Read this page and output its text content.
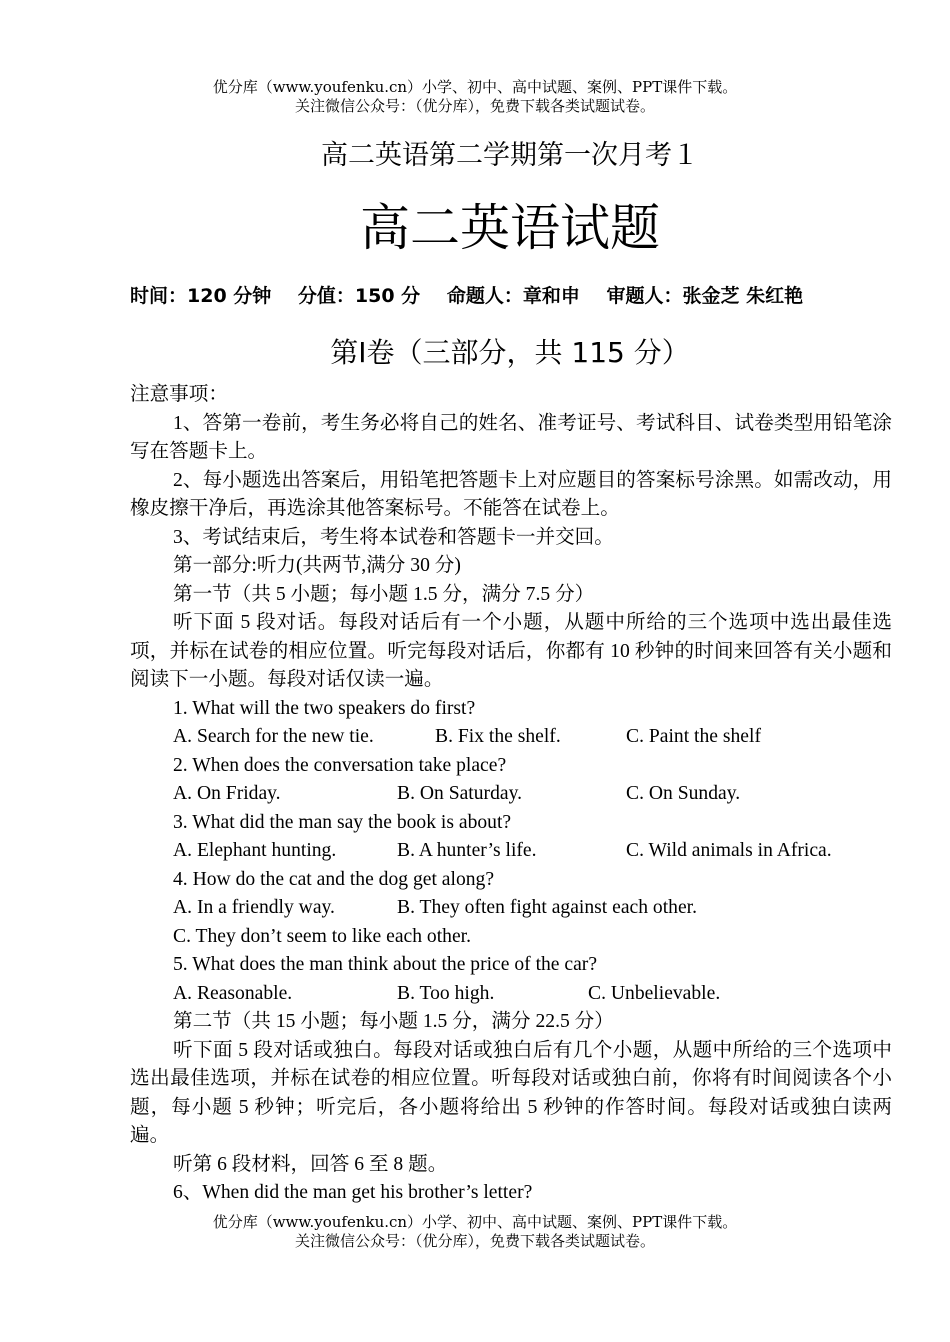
优分库（www.youfenku.cn）小学、初中、高中试题、案例、PPT课件下载。
关注微信公众号：（优分库），免费下载各类试题试卷。
高二英语第二学期第一次月考１
高二英语试题
时间：120 分钟 分值：150 分 命题人：章和申 审题人：张金芝 朱红艳
第Ⅰ卷（三部分，共 115 分）

注意事项：

1、答第一卷前，考生务必将自己的姓名、准考证号、考试科目、试卷类型用铅笔涂写在答题卡上。

2、每小题选出答案后，用铅笔把答题卡上对应题目的答案标号涂黑。如需改动，用橡皮擦干净后，再选涂其他答案标号。不能答在试卷上。

3、考试结束后，考生将本试卷和答题卡一并交回。

第一部分:听力(共两节,满分 30 分)

第一节（共 5 小题；每小题 1.5 分，满分 7.5 分）

听下面 5 段对话。每段对话后有一个小题，从题中所给的三个选项中选出最佳选项，并标在试卷的相应位置。听完每段对话后，你都有 10 秒钟的时间来回答有关小题和阅读下一小题。每段对话仅读一遍。

1. What will the two speakers do first?

A. Search for the new tie.	B. Fix the shelf.	C. Paint the shelf

2. When does the conversation take place?

A. On Friday.	B. On Saturday.	C. On Sunday.

3. What did the man say the book is about?

A. Elephant hunting.	B. A hunter’s life.	C. Wild animals in Africa.

4. How do the cat and the dog get along?

A. In a friendly way.	B. They often fight against each other.

C. They don’t seem to like each other.

5. What does the man think about the price of the car?

A. Reasonable.	B. Too high.	C. Unbelievable.

第二节（共 15 小题；每小题 1.5 分，满分 22.5 分）

听下面 5 段对话或独白。每段对话或独白后有几个小题，从题中所给的三个选项中选出最佳选项，并标在试卷的相应位置。听每段对话或独白前，你将有时间阅读各个小题，每小题 5 秒钟；听完后，各小题将给出 5 秒钟的作答时间。每段对话或独白读两遍。

听第 6 段材料，回答 6 至 8 题。

6、When did the man get his brother’s letter?

优分库（www.youfenku.cn）小学、初中、高中试题、案例、PPT课件下载。
关注微信公众号：（优分库），免费下载各类试题试卷。
